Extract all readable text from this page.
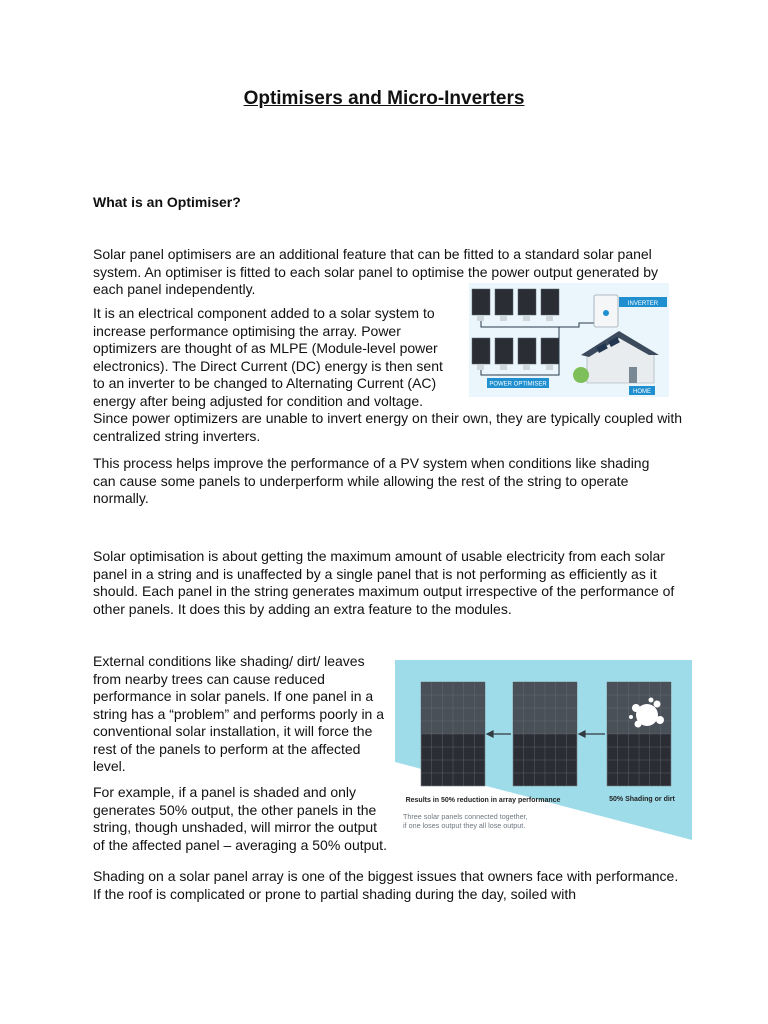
Optimisers and Micro-Inverters
What is an Optimiser?

Solar panel optimisers are an additional feature that can be fitted to a standard solar panel system. An optimiser is fitted to each solar panel to optimise the power output generated by each panel independently.

It is an electrical component added to a solar system to increase performance optimising the array. Power optimizers are thought of as MLPE (Module-level power electronics). The Direct Current (DC) energy is then sent to an inverter to be changed to Alternating Current (AC) energy after being adjusted for condition and voltage.

Since power optimizers are unable to invert energy on their own, they are typically coupled with centralized string inverters.

This process helps improve the performance of a PV system when conditions like shading can cause some panels to underperform while allowing the rest of the string to operate normally.

Solar optimisation is about getting the maximum amount of usable electricity from each solar panel in a string and is unaffected by a single panel that is not performing as efficiently as it should. Each panel in the string generates maximum output irrespective of the performance of other panels. It does this by adding an extra feature to the modules.

External conditions like shading/ dirt/ leaves from nearby trees can cause reduced performance in solar panels. If one panel in a string has a “problem” and performs poorly in a conventional solar installation, it will force the rest of the panels to perform at the affected level.

For example, if a panel is shaded and only generates 50% output, the other panels in the string, though unshaded, will mirror the output of the affected panel – averaging a 50% output.

Shading on a solar panel array is one of the biggest issues that owners face with performance. If the roof is complicated or prone to partial shading during the day, soiled with

INVERTER
POWER OPTIMISER
HOME
Results in 50% reduction in array performance	50% Shading or dirt
Three solar panels connected together,
if one loses output they all lose output.
